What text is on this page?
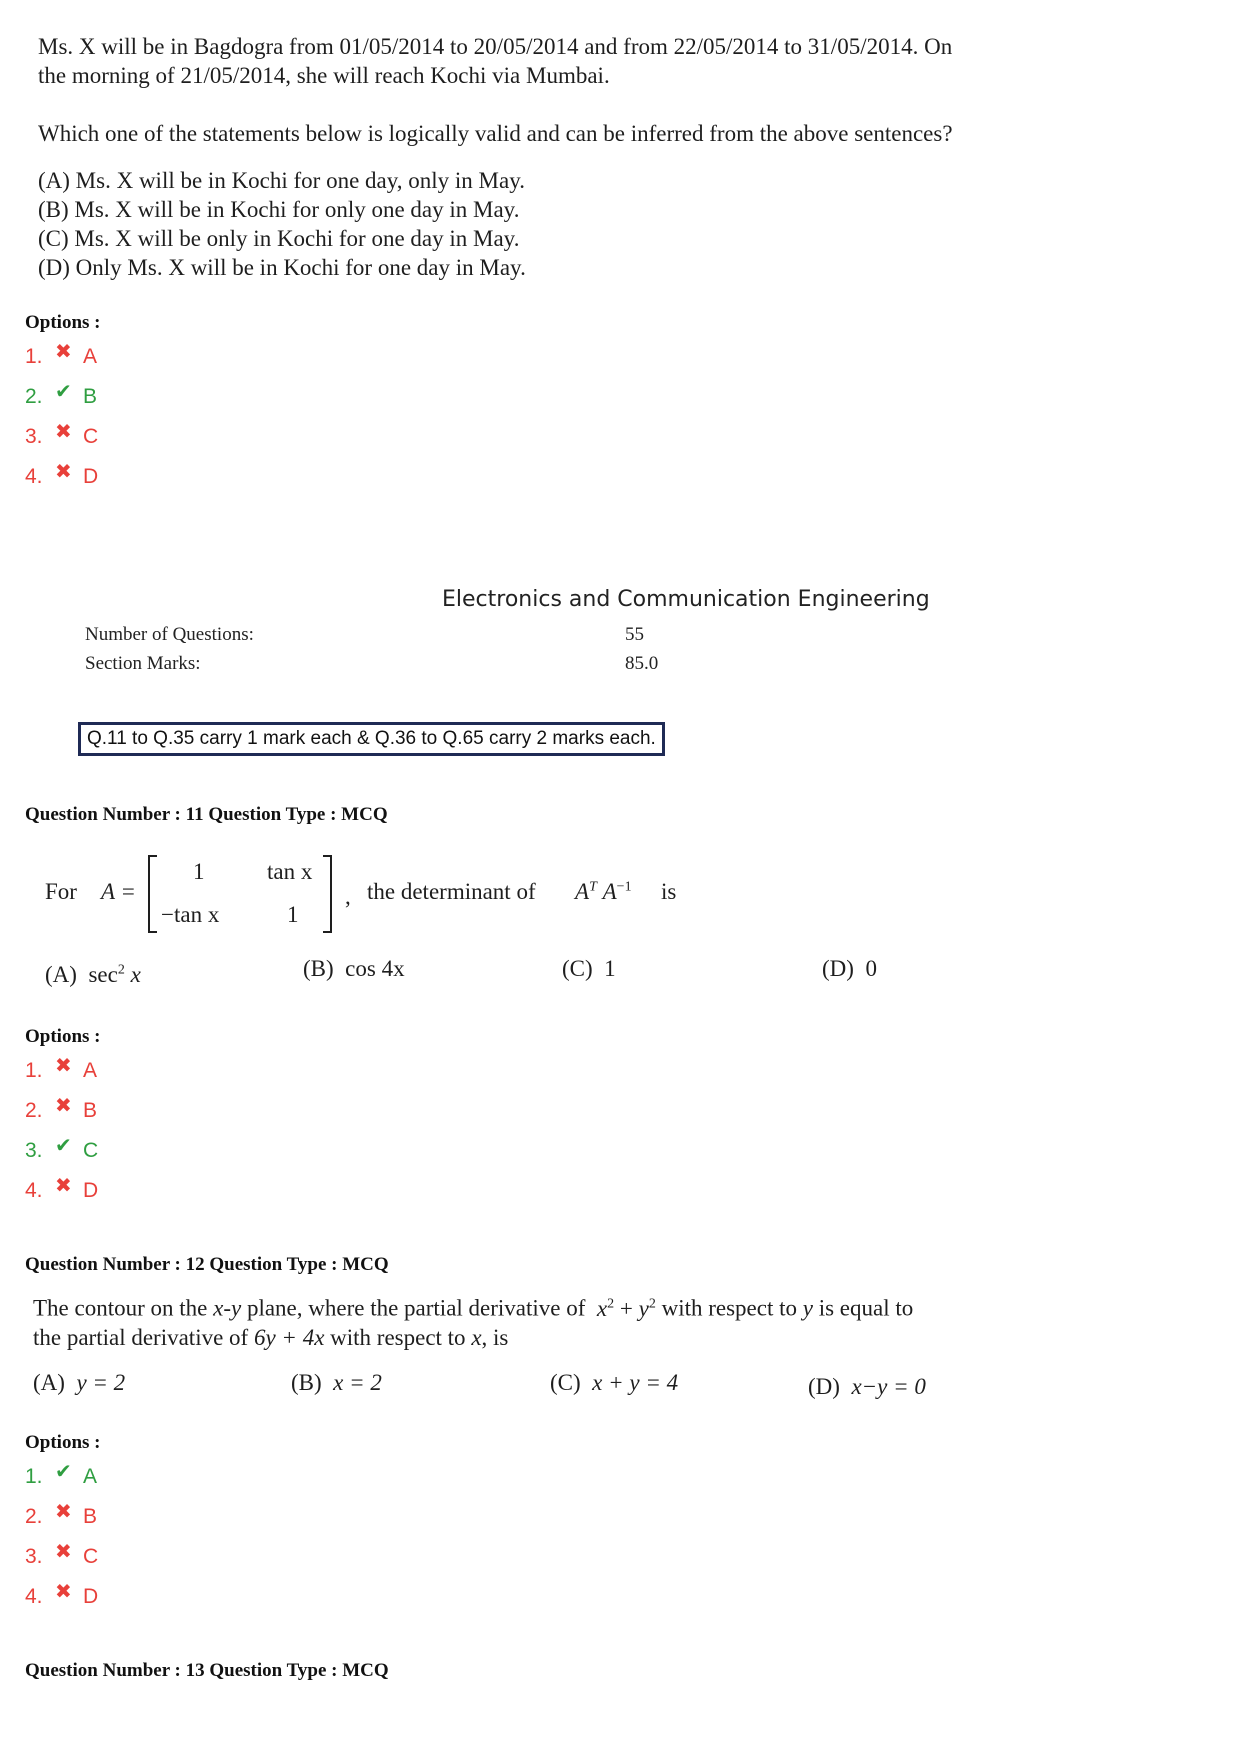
Ms. X will be in Bagdogra from 01/05/2014 to 20/05/2014 and from 22/05/2014 to 31/05/2014. On
the morning of 21/05/2014, she will reach Kochi via Mumbai.
Which one of the statements below is logically valid and can be inferred from the above sentences?
(A) Ms. X will be in Kochi for one day, only in May.
(B) Ms. X will be in Kochi for only one day in May.
(C) Ms. X will be only in Kochi for one day in May.
(D) Only Ms. X will be in Kochi for one day in May.
Options :
1. ✖ A
2. ✔ B
3. ✖ C
4. ✖ D
Electronics and Communication Engineering
Number of Questions:	55
Section Marks:	85.0
Q.11 to Q.35 carry 1 mark each & Q.36 to Q.65 carry 2 marks each.
Question Number : 11 Question Type : MCQ
For A =
1	tan x
−tan x	1
, the determinant of $A^T$ $A^{-1}$ is
(A) $\sec^2 x$	(B) cos 4x	(C) 1	(D) 0
Options :
1. ✖ A
2. ✖ B
3. ✔ C
4. ✖ D
Question Number : 12 Question Type : MCQ
The contour on the x-y plane, where the partial derivative of  $x^2 + y^2$ with respect to y is equal to
the partial derivative of 6y + 4x with respect to x, is
(A) y = 2	(B) x = 2	(C) x + y = 4	(D) x−y = 0
Options :
1. ✔ A
2. ✖ B
3. ✖ C
4. ✖ D
Question Number : 13 Question Type : MCQ
